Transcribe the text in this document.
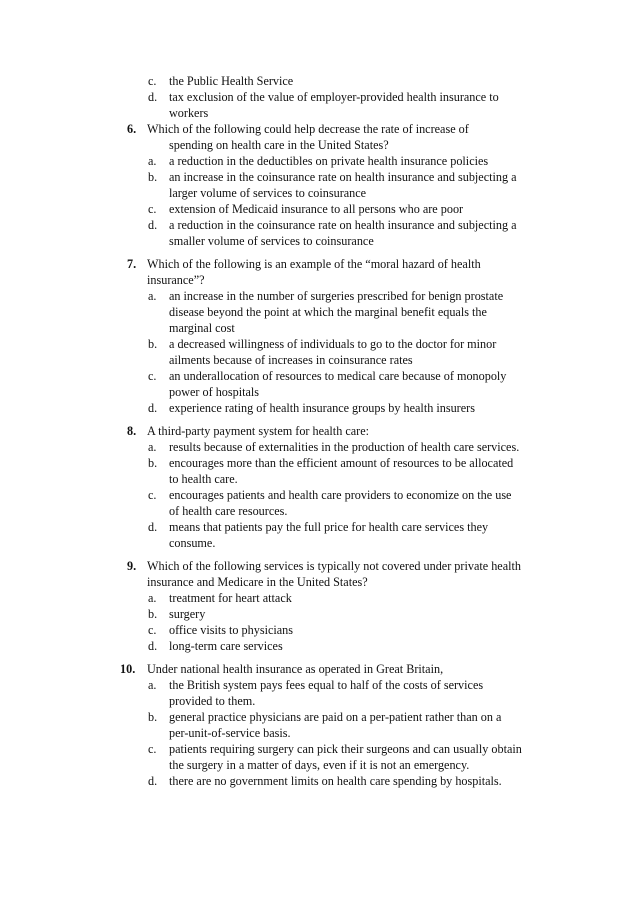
c. the Public Health Service
d. tax exclusion of the value of employer-provided health insurance to
workers
6. Which of the following could help decrease the rate of increase of
spending on health care in the United States?
a. a reduction in the deductibles on private health insurance policies
b. an increase in the coinsurance rate on health insurance and subjecting a
larger volume of services to coinsurance
c. extension of Medicaid insurance to all persons who are poor
d. a reduction in the coinsurance rate on health insurance and subjecting a
smaller volume of services to coinsurance
7. Which of the following is an example of the “moral hazard of health
insurance”?
a. an increase in the number of surgeries prescribed for benign prostate
disease beyond the point at which the marginal benefit equals the
marginal cost
b. a decreased willingness of individuals to go to the doctor for minor
ailments because of increases in coinsurance rates
c. an underallocation of resources to medical care because of monopoly
power of hospitals
d. experience rating of health insurance groups by health insurers
8. A third-party payment system for health care:
a. results because of externalities in the production of health care services.
b. encourages more than the efficient amount of resources to be allocated
to health care.
c. encourages patients and health care providers to economize on the use
of health care resources.
d. means that patients pay the full price for health care services they
consume.
9. Which of the following services is typically not covered under private health
insurance and Medicare in the United States?
a. treatment for heart attack
b. surgery
c. office visits to physicians
d. long-term care services
10. Under national health insurance as operated in Great Britain,
a. the British system pays fees equal to half of the costs of services
provided to them.
b. general practice physicians are paid on a per-patient rather than on a
per-unit-of-service basis.
c. patients requiring surgery can pick their surgeons and can usually obtain
the surgery in a matter of days, even if it is not an emergency.
d. there are no government limits on health care spending by hospitals.
